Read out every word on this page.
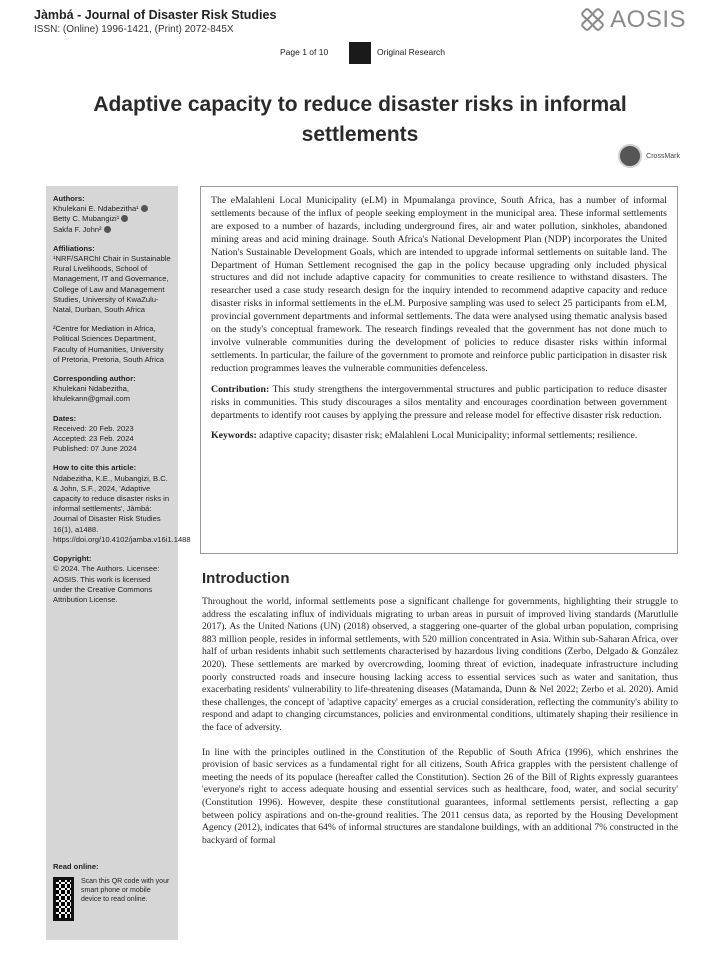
Jàmbá - Journal of Disaster Risk Studies
ISSN: (Online) 1996-1421, (Print) 2072-845X	AOSIS
Page 1 of 10	Original Research
Adaptive capacity to reduce disaster risks in informal settlements
CrossMark
Authors:
Khulekani E. Ndabezitha¹
Betty C. Mubangizi¹
Sakfa F. John²
Affiliations:
¹NRF/SARChI Chair in Sustainable Rural Livelihoods, School of Management, IT and Governance, College of Law and Management Studies, University of KwaZulu-Natal, Durban, South Africa
²Centre for Mediation in Africa, Political Sciences Department, Faculty of Humanities, University of Pretoria, Pretoria, South Africa
Corresponding author:
Khulekani Ndabezitha, khulekann@gmail.com
Dates:
Received: 20 Feb. 2023
Accepted: 23 Feb. 2024
Published: 07 June 2024
How to cite this article:
Ndabezitha, K.E., Mubangizi, B.C. & John, S.F., 2024, 'Adaptive capacity to reduce disaster risks in informal settlements', Jàmbá: Journal of Disaster Risk Studies 16(1), a1488. https://doi.org/10.4102/jamba.v16i1.1488
Copyright:
© 2024. The Authors. Licensee: AOSIS. This work is licensed under the Creative Commons Attribution License.
Read online:
Scan this QR code with your smart phone or mobile device to read online.

The eMalahleni Local Municipality (eLM) in Mpumalanga province, South Africa, has a number of informal settlements because of the influx of people seeking employment in the municipal area. These informal settlements are exposed to a number of hazards, including underground fires, air and water pollution, sinkholes, abandoned mining areas and acid mining drainage. South Africa's National Development Plan (NDP) incorporates the United Nation's Sustainable Development Goals, which are intended to upgrade informal settlements on suitable land. The Department of Human Settlement recognised the gap in the policy because upgrading only included physical structures and did not include adaptive capacity for communities to create resilience to withstand disasters. The researcher used a case study research design for the inquiry intended to recommend adaptive capacity and reduce disaster risks in informal settlements in the eLM. Purposive sampling was used to select 25 participants from eLM, provincial government departments and informal settlements. The data were analysed using thematic analysis based on the study's conceptual framework. The research findings revealed that the government has not done much to involve vulnerable communities during the development of policies to reduce disaster risks within informal settlements. In particular, the failure of the government to promote and reinforce public participation in disaster risk reduction programmes leaves the vulnerable communities defenceless.

Contribution: This study strengthens the intergovernmental structures and public participation to reduce disaster risks in communities. This study discourages a silos mentality and encourages coordination between government departments to identify root causes by applying the pressure and release model for effective disaster risk reduction.

Keywords: adaptive capacity; disaster risk; eMalahleni Local Municipality; informal settlements; resilience.

Introduction

Throughout the world, informal settlements pose a significant challenge for governments, highlighting their struggle to address the escalating influx of individuals migrating to urban areas in pursuit of improved living standards (Marutlulle 2017). As the United Nations (UN) (2018) observed, a staggering one-quarter of the global urban population, comprising 883 million people, resides in informal settlements, with 520 million concentrated in Asia. Within sub-Saharan Africa, over half of urban residents inhabit such settlements characterised by hazardous living conditions (Zerbo, Delgado & González 2020). These settlements are marked by overcrowding, looming threat of eviction, inadequate infrastructure including poorly constructed roads and insecure housing lacking access to essential services such as water and sanitation, thus exacerbating residents' vulnerability to life-threatening diseases (Matamanda, Dunn & Nel 2022; Zerbo et al. 2020). Amid these challenges, the concept of 'adaptive capacity' emerges as a crucial consideration, reflecting the community's ability to respond and adapt to changing circumstances, policies and environmental conditions, ultimately shaping their resilience in the face of adversity.

In line with the principles outlined in the Constitution of the Republic of South Africa (1996), which enshrines the provision of basic services as a fundamental right for all citizens, South Africa grapples with the persistent challenge of meeting the needs of its populace (hereafter called the Constitution). Section 26 of the Bill of Rights expressly guarantees 'everyone's right to access adequate housing and essential services such as healthcare, food, water, and social security' (Constitution 1996). However, despite these constitutional guarantees, informal settlements persist, reflecting a gap between policy aspirations and on-the-ground realities. The 2011 census data, as reported by the Housing Development Agency (2012), indicates that 64% of informal structures are standalone buildings, with an additional 7% constructed in the backyard of formal
